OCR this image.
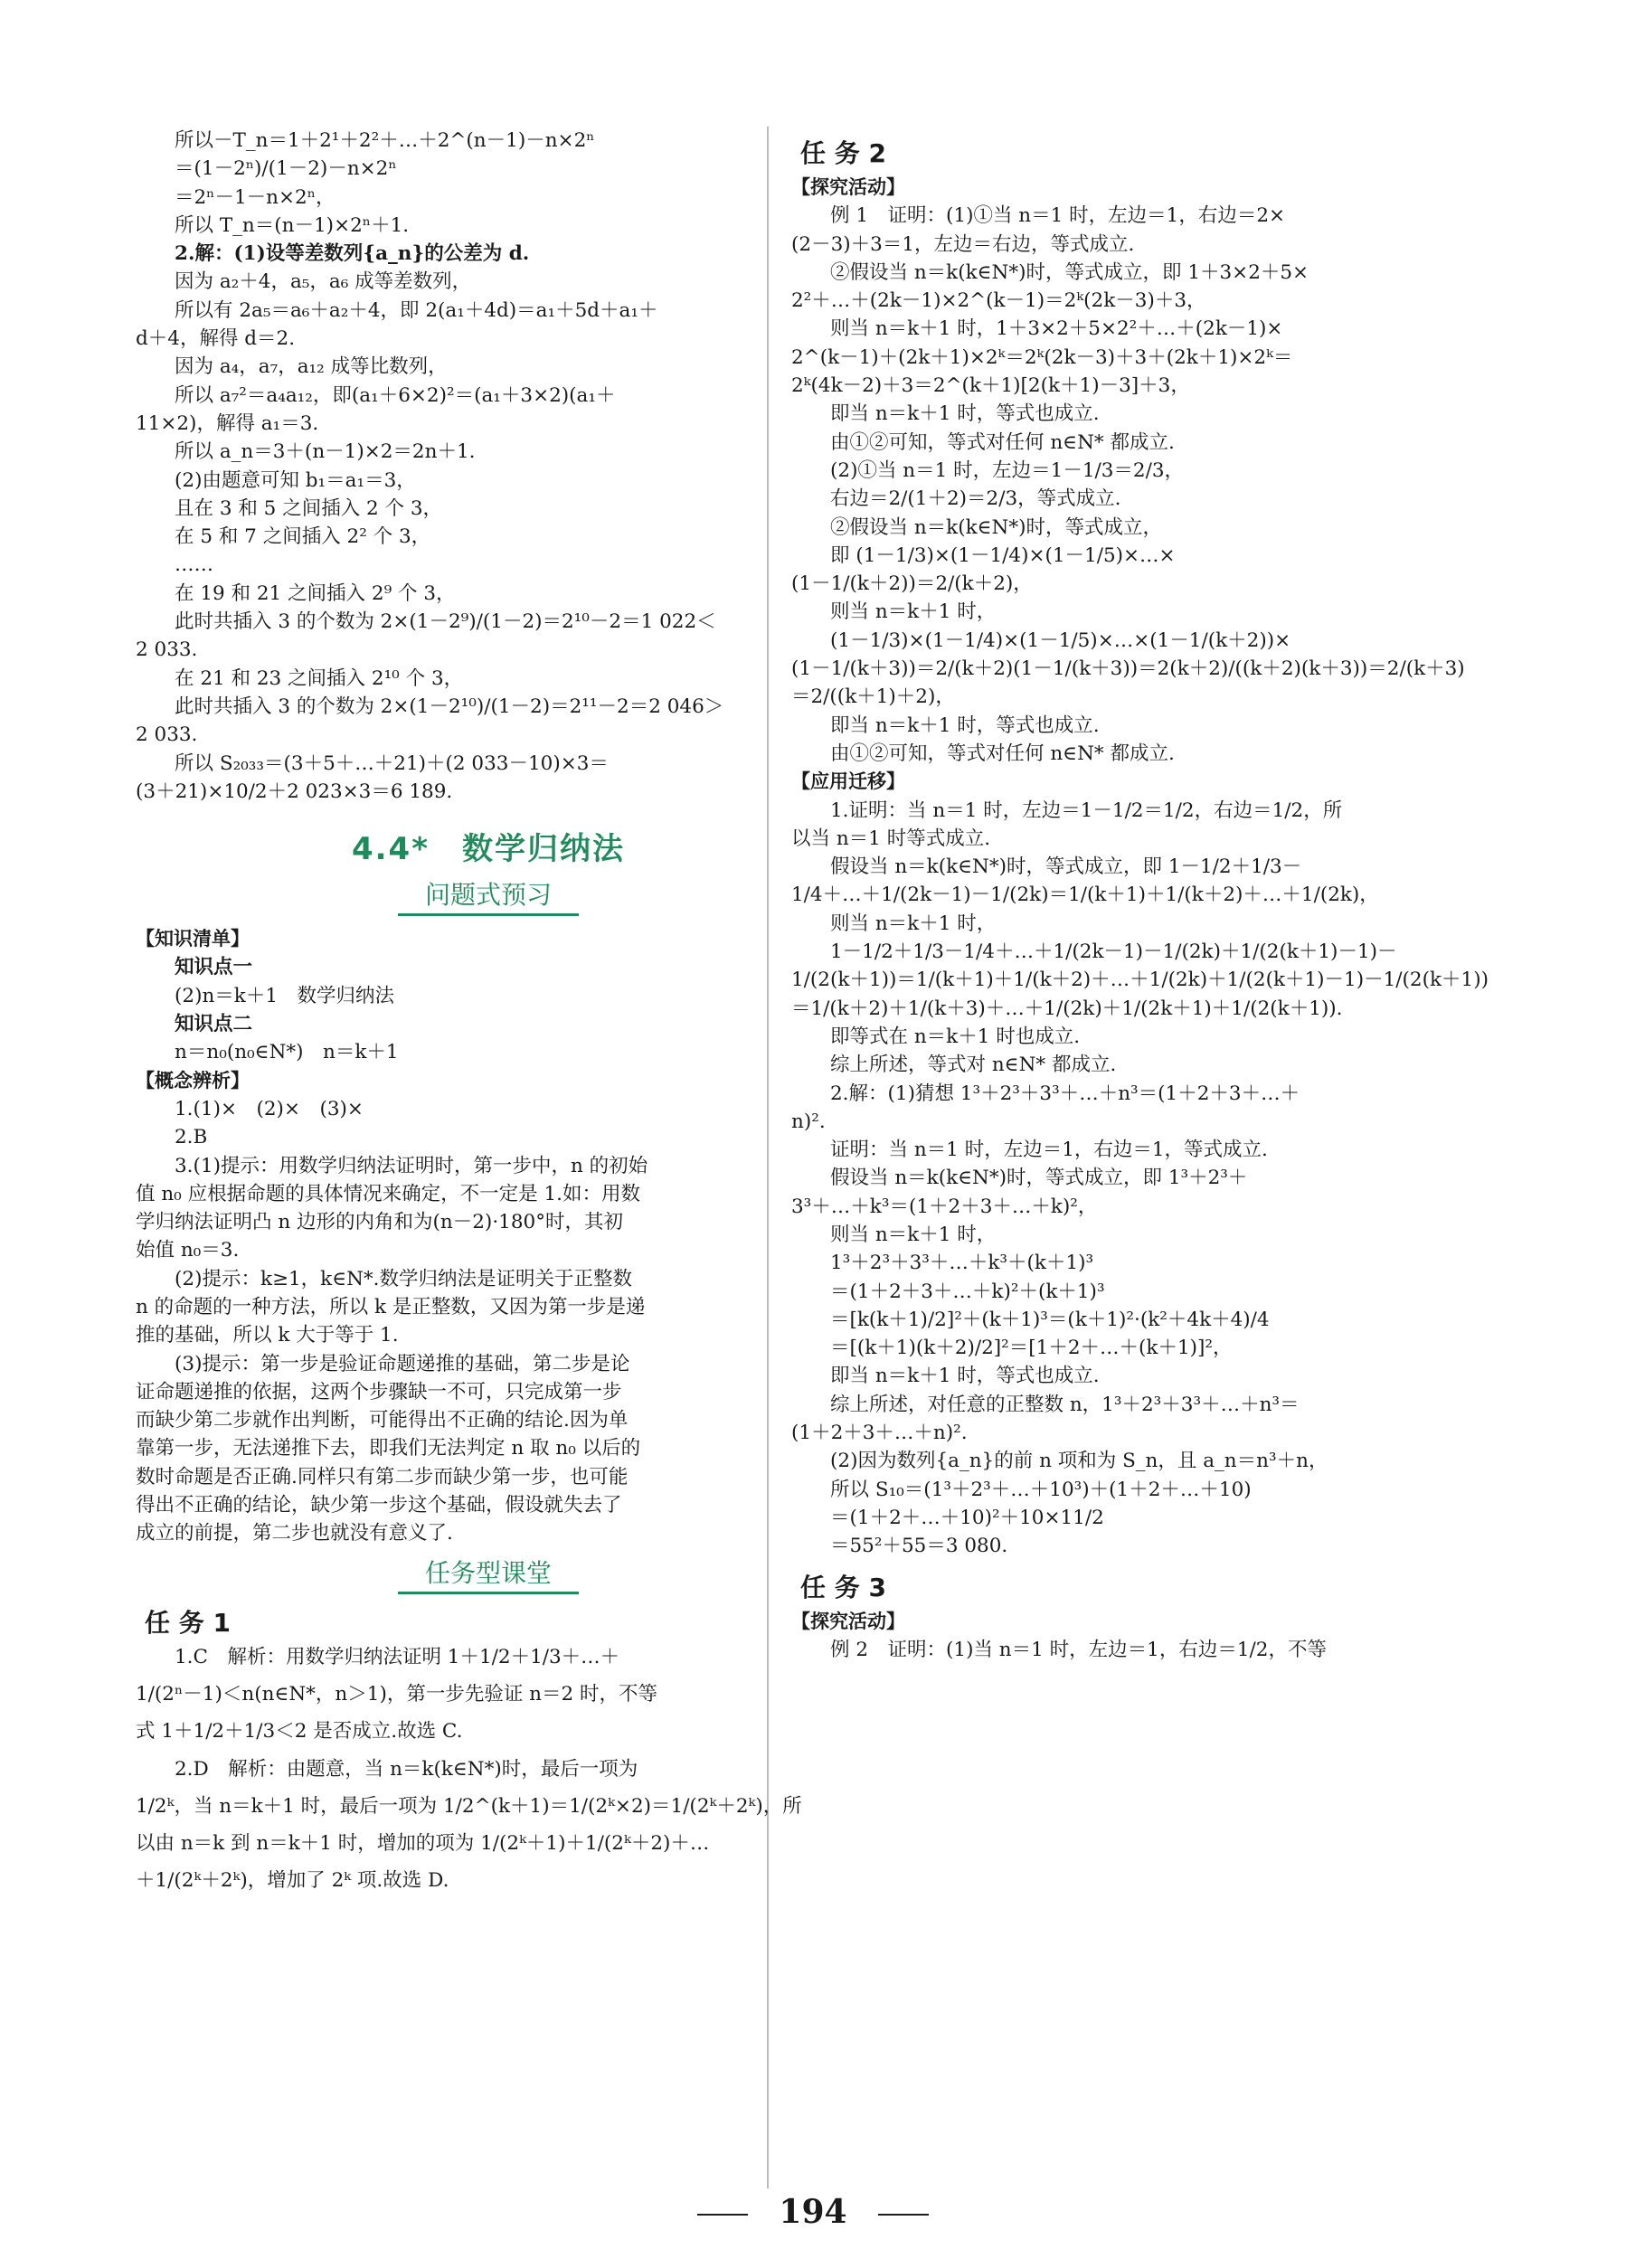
所以－T_n＝1＋2¹＋2²＋…＋2^(n－1)－n×2ⁿ

＝(1－2ⁿ)/(1－2)－n×2ⁿ

＝2ⁿ－1－n×2ⁿ，

所以 T_n＝(n－1)×2ⁿ＋1.

2.解：(1)设等差数列{a_n}的公差为 d.

因为 a₂＋4，a₅，a₆ 成等差数列，

所以有 2a₅＝a₆＋a₂＋4，即 2(a₁＋4d)＝a₁＋5d＋a₁＋

d＋4，解得 d＝2.

因为 a₄，a₇，a₁₂ 成等比数列，

所以 a₇²＝a₄a₁₂，即(a₁＋6×2)²＝(a₁＋3×2)(a₁＋

11×2)，解得 a₁＝3.

所以 a_n＝3＋(n－1)×2＝2n＋1.

(2)由题意可知 b₁＝a₁＝3，

且在 3 和 5 之间插入 2 个 3，

在 5 和 7 之间插入 2² 个 3，

……

在 19 和 21 之间插入 2⁹ 个 3，

此时共插入 3 的个数为 2×(1－2⁹)/(1－2)＝2¹⁰－2＝1 022＜

2 033.

在 21 和 23 之间插入 2¹⁰ 个 3，

此时共插入 3 的个数为 2×(1－2¹⁰)/(1－2)＝2¹¹－2＝2 046＞

2 033.

所以 S₂₀₃₃＝(3＋5＋…＋21)＋(2 033－10)×3＝

(3＋21)×10/2＋2 023×3＝6 189.

4.4*　数学归纳法
问题式预习

【知识清单】

知识点一

(2)n＝k＋1　数学归纳法

知识点二

n＝n₀(n₀∈N*)　n＝k＋1

【概念辨析】

1.(1)×　(2)×　(3)×

2.B

3.(1)提示：用数学归纳法证明时，第一步中，n 的初始

值 n₀ 应根据命题的具体情况来确定，不一定是 1.如：用数

学归纳法证明凸 n 边形的内角和为(n－2)·180°时，其初

始值 n₀＝3.

(2)提示：k≥1，k∈N*.数学归纳法是证明关于正整数

n 的命题的一种方法，所以 k 是正整数，又因为第一步是递

推的基础，所以 k 大于等于 1.

(3)提示：第一步是验证命题递推的基础，第二步是论

证命题递推的依据，这两个步骤缺一不可，只完成第一步

而缺少第二步就作出判断，可能得出不正确的结论.因为单

靠第一步，无法递推下去，即我们无法判定 n 取 n₀ 以后的

数时命题是否正确.同样只有第二步而缺少第一步，也可能

得出不正确的结论，缺少第一步这个基础，假设就失去了

成立的前提，第二步也就没有意义了.

任务型课堂
任 务 1

1.C　解析：用数学归纳法证明 1＋1/2＋1/3＋…＋

1/(2ⁿ－1)＜n(n∈N*，n＞1)，第一步先验证 n＝2 时，不等

式 1＋1/2＋1/3＜2 是否成立.故选 C.

2.D　解析：由题意，当 n＝k(k∈N*)时，最后一项为

1/2ᵏ，当 n＝k＋1 时，最后一项为 1/2^(k＋1)＝1/(2ᵏ×2)＝1/(2ᵏ＋2ᵏ)，所

以由 n＝k 到 n＝k＋1 时，增加的项为 1/(2ᵏ＋1)＋1/(2ᵏ＋2)＋…

＋1/(2ᵏ＋2ᵏ)，增加了 2ᵏ 项.故选 D.

任 务 2

【探究活动】

例 1　证明：(1)①当 n＝1 时，左边＝1，右边＝2×

(2－3)＋3＝1，左边＝右边，等式成立.

②假设当 n＝k(k∈N*)时，等式成立，即 1＋3×2＋5×

2²＋…＋(2k－1)×2^(k－1)＝2ᵏ(2k－3)＋3，

则当 n＝k＋1 时，1＋3×2＋5×2²＋…＋(2k－1)×

2^(k－1)＋(2k＋1)×2ᵏ＝2ᵏ(2k－3)＋3＋(2k＋1)×2ᵏ＝

2ᵏ(4k－2)＋3＝2^(k＋1)[2(k＋1)－3]＋3，

即当 n＝k＋1 时，等式也成立.

由①②可知，等式对任何 n∈N* 都成立.

(2)①当 n＝1 时，左边＝1－1/3＝2/3，

右边＝2/(1＋2)＝2/3，等式成立.

②假设当 n＝k(k∈N*)时，等式成立，

即 (1－1/3)×(1－1/4)×(1－1/5)×…×

(1－1/(k＋2))＝2/(k＋2)，

则当 n＝k＋1 时，

(1－1/3)×(1－1/4)×(1－1/5)×…×(1－1/(k＋2))×

(1－1/(k＋3))＝2/(k＋2)(1－1/(k＋3))＝2(k＋2)/((k＋2)(k＋3))＝2/(k＋3)

＝2/((k＋1)＋2)，

即当 n＝k＋1 时，等式也成立.

由①②可知，等式对任何 n∈N* 都成立.

【应用迁移】

1.证明：当 n＝1 时，左边＝1－1/2＝1/2，右边＝1/2，所

以当 n＝1 时等式成立.

假设当 n＝k(k∈N*)时，等式成立，即 1－1/2＋1/3－

1/4＋…＋1/(2k－1)－1/(2k)＝1/(k＋1)＋1/(k＋2)＋…＋1/(2k)，

则当 n＝k＋1 时，

1－1/2＋1/3－1/4＋…＋1/(2k－1)－1/(2k)＋1/(2(k＋1)－1)－

1/(2(k＋1))＝1/(k＋1)＋1/(k＋2)＋…＋1/(2k)＋1/(2(k＋1)－1)－1/(2(k＋1))

＝1/(k＋2)＋1/(k＋3)＋…＋1/(2k)＋1/(2k＋1)＋1/(2(k＋1)).

即等式在 n＝k＋1 时也成立.

综上所述，等式对 n∈N* 都成立.

2.解：(1)猜想 1³＋2³＋3³＋…＋n³＝(1＋2＋3＋…＋

n)².

证明：当 n＝1 时，左边＝1，右边＝1，等式成立.

假设当 n＝k(k∈N*)时，等式成立，即 1³＋2³＋

3³＋…＋k³＝(1＋2＋3＋…＋k)²，

则当 n＝k＋1 时，

1³＋2³＋3³＋…＋k³＋(k＋1)³

＝(1＋2＋3＋…＋k)²＋(k＋1)³

＝[k(k＋1)/2]²＋(k＋1)³＝(k＋1)²·(k²＋4k＋4)/4

＝[(k＋1)(k＋2)/2]²＝[1＋2＋…＋(k＋1)]²，

即当 n＝k＋1 时，等式也成立.

综上所述，对任意的正整数 n，1³＋2³＋3³＋…＋n³＝

(1＋2＋3＋…＋n)².

(2)因为数列{a_n}的前 n 项和为 S_n，且 a_n＝n³＋n，

所以 S₁₀＝(1³＋2³＋…＋10³)＋(1＋2＋…＋10)

＝(1＋2＋…＋10)²＋10×11/2

＝55²＋55＝3 080.

任 务 3

【探究活动】

例 2　证明：(1)当 n＝1 时，左边＝1，右边＝1/2，不等

194
